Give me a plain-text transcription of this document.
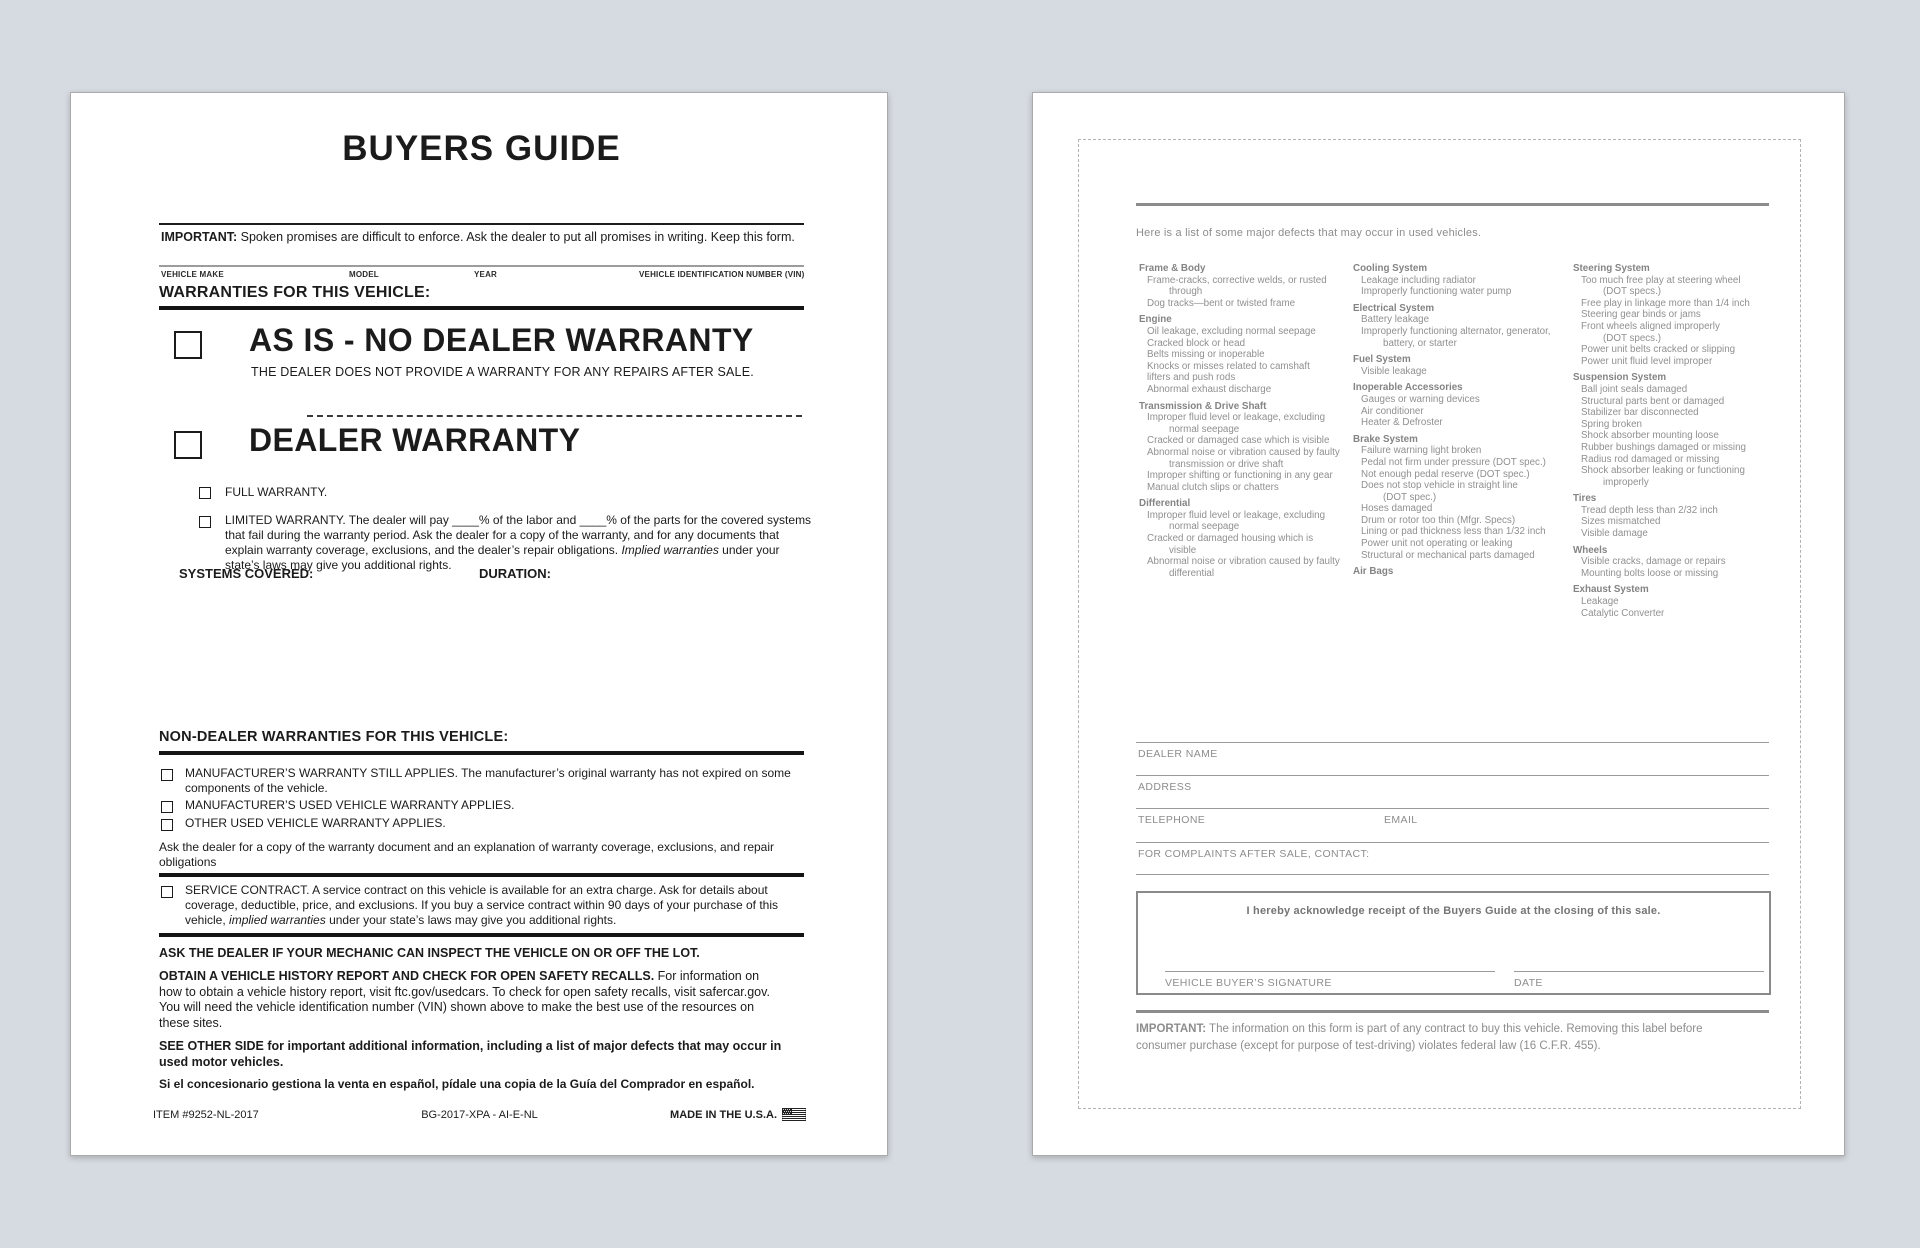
BUYERS GUIDE
IMPORTANT: Spoken promises are difficult to enforce. Ask the dealer to put all promises in writing. Keep this form.
VEHICLE MAKE	MODEL	YEAR	VEHICLE IDENTIFICATION NUMBER (VIN)
WARRANTIES FOR THIS VEHICLE:
AS IS - NO DEALER WARRANTY
THE DEALER DOES NOT PROVIDE A WARRANTY FOR ANY REPAIRS AFTER SALE.
DEALER WARRANTY
FULL WARRANTY.
LIMITED WARRANTY. The dealer will pay ____% of the labor and ____% of the parts for the covered systems
that fail during the warranty period. Ask the dealer for a copy of the warranty, and for any documents that
explain warranty coverage, exclusions, and the dealer’s repair obligations. Implied warranties under your
state’s laws may give you additional rights.
SYSTEMS COVERED:	DURATION:
NON-DEALER WARRANTIES FOR THIS VEHICLE:
MANUFACTURER’S WARRANTY STILL APPLIES. The manufacturer’s original warranty has not expired on some
components of the vehicle.
MANUFACTURER’S USED VEHICLE WARRANTY APPLIES.
OTHER USED VEHICLE WARRANTY APPLIES.
Ask the dealer for a copy of the warranty document and an explanation of warranty coverage, exclusions, and repair
obligations
SERVICE CONTRACT. A service contract on this vehicle is available for an extra charge. Ask for details about
coverage, deductible, price, and exclusions. If you buy a service contract within 90 days of your purchase of this
vehicle, implied warranties under your state’s laws may give you additional rights.
ASK THE DEALER IF YOUR MECHANIC CAN INSPECT THE VEHICLE ON OR OFF THE LOT.
OBTAIN A VEHICLE HISTORY REPORT AND CHECK FOR OPEN SAFETY RECALLS. For information on
how to obtain a vehicle history report, visit ftc.gov/usedcars. To check for open safety recalls, visit safercar.gov.
You will need the vehicle identification number (VIN) shown above to make the best use of the resources on
these sites.
SEE OTHER SIDE for important additional information, including a list of major defects that may occur in
used motor vehicles.
Si el concesionario gestiona la venta en español, pídale una copia de la Guía del Comprador en español.
ITEM #9252-NL-2017	BG-2017-XPA - AI-E-NL	MADE IN THE U.S.A.
Here is a list of some major defects that may occur in used vehicles.
Frame & Body
Frame-cracks, corrective welds, or rusted
through
Dog tracks—bent or twisted frame
Engine
Oil leakage, excluding normal seepage
Cracked block or head
Belts missing or inoperable
Knocks or misses related to camshaft
lifters and push rods
Abnormal exhaust discharge
Transmission & Drive Shaft
Improper fluid level or leakage, excluding
normal seepage
Cracked or damaged case which is visible
Abnormal noise or vibration caused by faulty
transmission or drive shaft
Improper shifting or functioning in any gear
Manual clutch slips or chatters
Differential
Improper fluid level or leakage, excluding
normal seepage
Cracked or damaged housing which is
visible
Abnormal noise or vibration caused by faulty
differential
Cooling System
Leakage including radiator
Improperly functioning water pump
Electrical System
Battery leakage
Improperly functioning alternator, generator,
battery, or starter
Fuel System
Visible leakage
Inoperable Accessories
Gauges or warning devices
Air conditioner
Heater & Defroster
Brake System
Failure warning light broken
Pedal not firm under pressure (DOT spec.)
Not enough pedal reserve (DOT spec.)
Does not stop vehicle in straight line
(DOT spec.)
Hoses damaged
Drum or rotor too thin (Mfgr. Specs)
Lining or pad thickness less than 1/32 inch
Power unit not operating or leaking
Structural or mechanical parts damaged
Air Bags
Steering System
Too much free play at steering wheel
(DOT specs.)
Free play in linkage more than 1/4 inch
Steering gear binds or jams
Front wheels aligned improperly
(DOT specs.)
Power unit belts cracked or slipping
Power unit fluid level improper
Suspension System
Ball joint seals damaged
Structural parts bent or damaged
Stabilizer bar disconnected
Spring broken
Shock absorber mounting loose
Rubber bushings damaged or missing
Radius rod damaged or missing
Shock absorber leaking or functioning
improperly
Tires
Tread depth less than 2/32 inch
Sizes mismatched
Visible damage
Wheels
Visible cracks, damage or repairs
Mounting bolts loose or missing
Exhaust System
Leakage
Catalytic Converter
DEALER NAME
ADDRESS
TELEPHONE	EMAIL
FOR COMPLAINTS AFTER SALE, CONTACT:
I hereby acknowledge receipt of the Buyers Guide at the closing of this sale.
VEHICLE BUYER’S SIGNATURE	DATE
IMPORTANT: The information on this form is part of any contract to buy this vehicle. Removing this label before
consumer purchase (except for purpose of test-driving) violates federal law (16 C.F.R. 455).
